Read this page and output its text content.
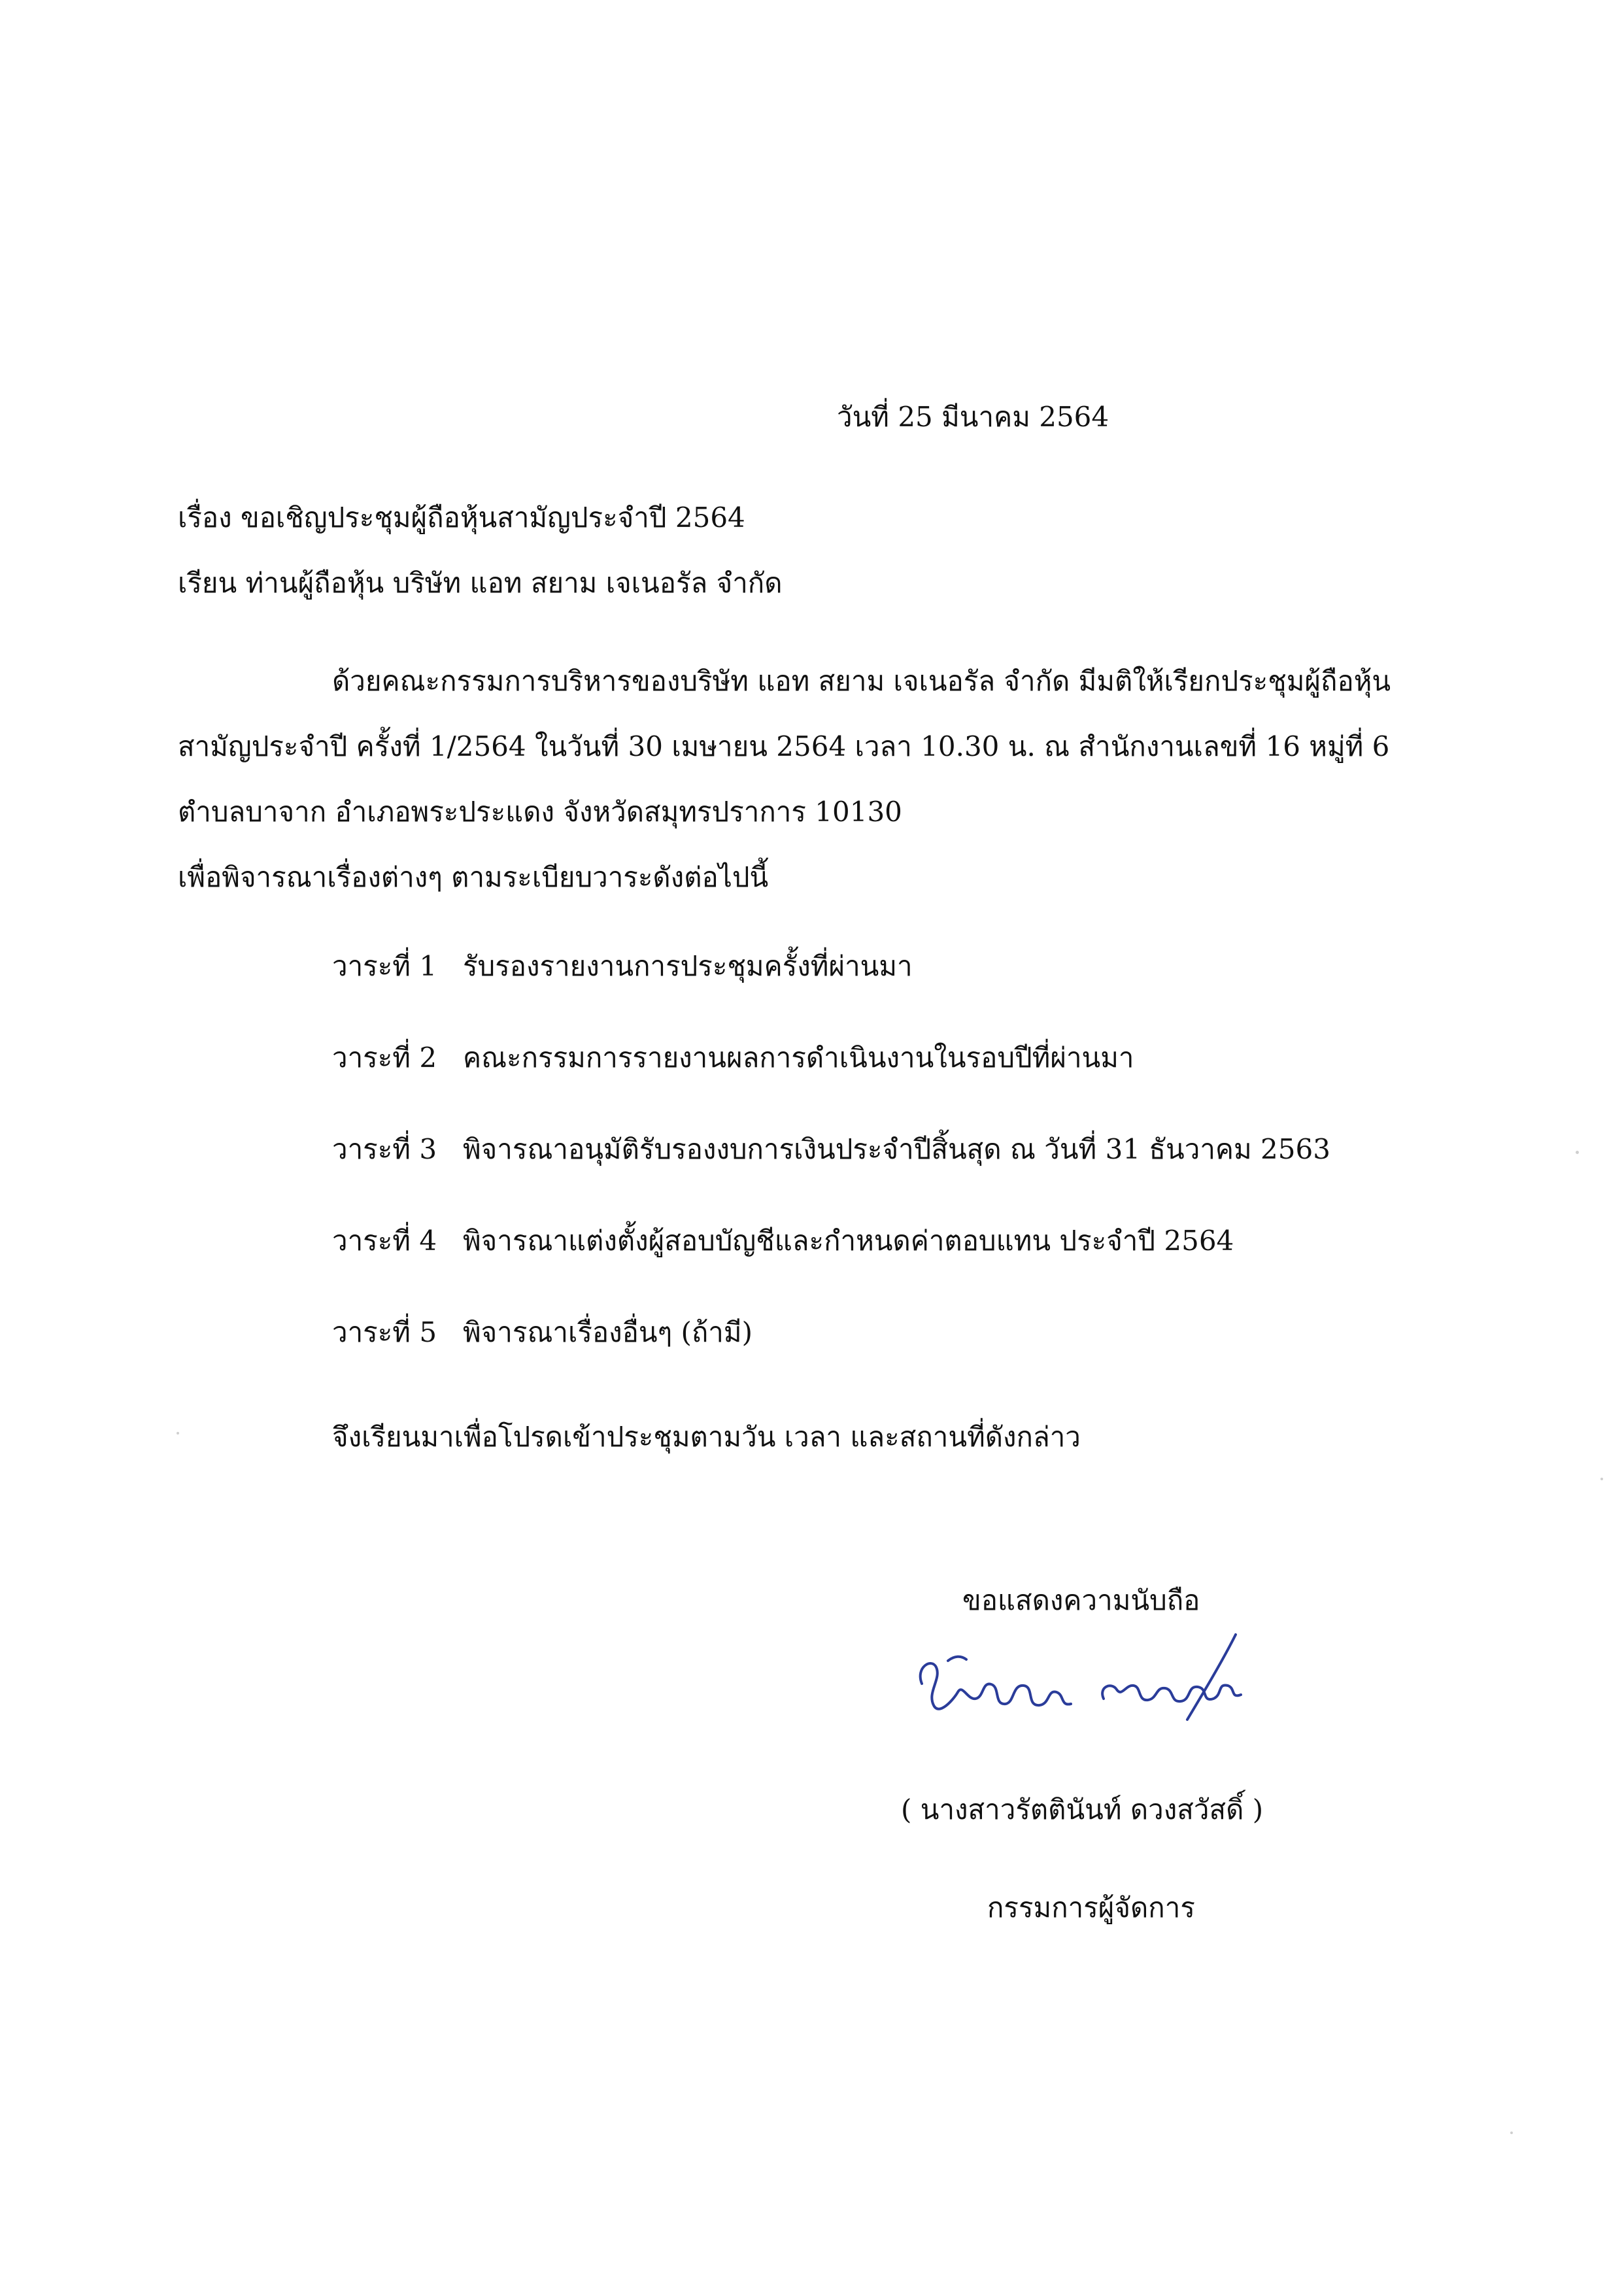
วันที่ 25 มีนาคม 2564
เรื่อง ขอเชิญประชุมผู้ถือหุ้นสามัญประจำปี 2564
เรียน ท่านผู้ถือหุ้น บริษัท แอท สยาม เจเนอรัล จำกัด
ด้วยคณะกรรมการบริหารของบริษัท แอท สยาม เจเนอรัล จำกัด มีมติให้เรียกประชุมผู้ถือหุ้น
สามัญประจำปี ครั้งที่ 1/2564 ในวันที่ 30 เมษายน 2564 เวลา 10.30 น. ณ สำนักงานเลขที่ 16 หมู่ที่ 6
ตำบลบาจาก อำเภอพระประแดง จังหวัดสมุทรปราการ 10130
เพื่อพิจารณาเรื่องต่างๆ ตามระเบียบวาระดังต่อไปนี้
วาระที่ 1 รับรองรายงานการประชุมครั้งที่ผ่านมา
วาระที่ 2 คณะกรรมการรายงานผลการดำเนินงานในรอบปีที่ผ่านมา
วาระที่ 3 พิจารณาอนุมัติรับรองงบการเงินประจำปีสิ้นสุด ณ วันที่ 31 ธันวาคม 2563
วาระที่ 4 พิจารณาแต่งตั้งผู้สอบบัญชีและกำหนดค่าตอบแทน ประจำปี 2564
วาระที่ 5 พิจารณาเรื่องอื่นๆ (ถ้ามี)
จึงเรียนมาเพื่อโปรดเข้าประชุมตามวัน เวลา และสถานที่ดังกล่าว
ขอแสดงความนับถือ
( นางสาวรัตตินันท์ ดวงสวัสดิ์ )
กรรมการผู้จัดการ
